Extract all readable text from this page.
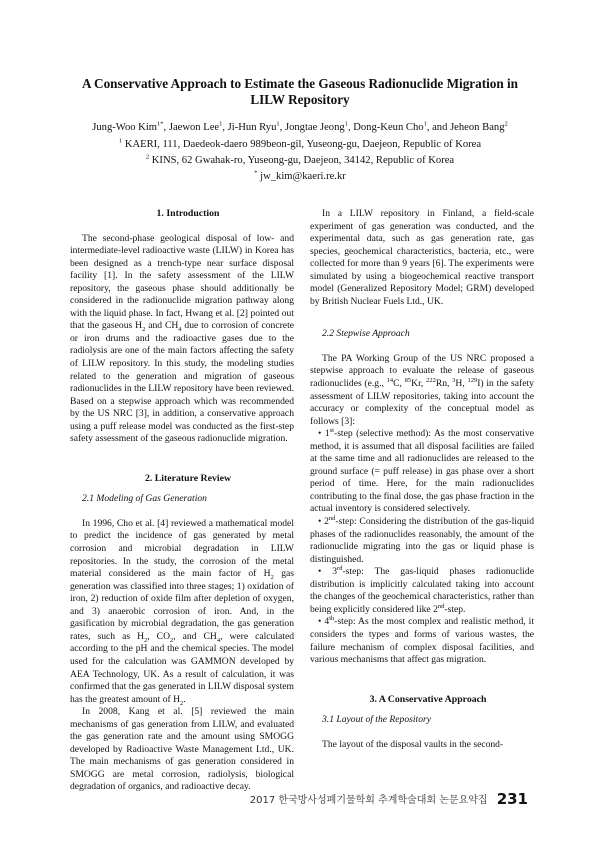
A Conservative Approach to Estimate the Gaseous Radionuclide Migration in
LILW Repository
Jung-Woo Kim$^{1*}$, Jaewon Lee$^1$, Ji-Hun Ryu$^1$, Jongtae Jeong$^1$, Dong-Keun Cho$^1$, and Jeheon Bang$^2$
$^1$ KAERI, 111, Daedeok-daero 989beon-gil, Yuseong-gu, Daejeon, Republic of Korea
$^2$ KINS, 62 Gwahak-ro, Yuseong-gu, Daejeon, 34142, Republic of Korea
* jw_kim@kaeri.re.kr

1. Introduction

The second-phase geological disposal of low- and intermediate-level radioactive waste (LILW) in Korea has been designed as a trench-type near surface disposal facility [1]. In the safety assessment of the LILW repository, the gaseous phase should additionally be considered in the radionuclide migration pathway along with the liquid phase. In fact, Hwang et al. [2] pointed out that the gaseous $H_2$ and $CH_4$ due to corrosion of concrete or iron drums and the radioactive gases due to the radiolysis are one of the main factors affecting the safety of LILW repository. In this study, the modeling studies related to the generation and migration of gaseous radionuclides in the LILW repository have been reviewed. Based on a stepwise approach which was recommended by the US NRC [3], in addition, a conservative approach using a puff release model was conducted as the first-step safety assessment of the gaseous radionuclide migration.

2. Literature Review

2.1 Modeling of Gas Generation

In 1996, Cho et al. [4] reviewed a mathematical model to predict the incidence of gas generated by metal corrosion and microbial degradation in LILW repositories. In the study, the corrosion of the metal material considered as the main factor of $H_2$ gas generation was classified into three stages; 1) oxidation of iron, 2) reduction of oxide film after depletion of oxygen, and 3) anaerobic corrosion of iron. And, in the gasification by microbial degradation, the gas generation rates, such as $H_2$, $CO_2$, and $CH_4$, were calculated according to the pH and the chemical species. The model used for the calculation was GAMMON developed by AEA Technology, UK. As a result of calculation, it was confirmed that the gas generated in LILW disposal system has the greatest amount of $H_2$.

In 2008, Kang et al. [5] reviewed the main mechanisms of gas generation from LILW, and evaluated the gas generation rate and the amount using SMOGG developed by Radioactive Waste Management Ltd., UK. The main mechanisms of gas generation considered in SMOGG are metal corrosion, radiolysis, biological degradation of organics, and radioactive decay.

In a LILW repository in Finland, a field-scale experiment of gas generation was conducted, and the experimental data, such as gas generation rate, gas species, geochemical characteristics, bacteria, etc., were collected for more than 9 years [6]. The experiments were simulated by using a biogeochemical reactive transport model (Generalized Repository Model; GRM) developed by British Nuclear Fuels Ltd., UK.

2.2 Stepwise Approach

The PA Working Group of the US NRC proposed a stepwise approach to evaluate the release of gaseous radionuclides (e.g., $^{14}$C, $^{85}$Kr, $^{222}$Rn, $^3$H, $^{129}$I) in the safety assessment of LILW repositories, taking into account the accuracy or complexity of the conceptual model as follows [3]:

• 1st-step (selective method): As the most conservative method, it is assumed that all disposal facilities are failed at the same time and all radionuclides are released to the ground surface (= puff release) in gas phase over a short period of time. Here, for the main radionuclides contributing to the final dose, the gas phase fraction in the actual inventory is considered selectively.

• 2nd-step: Considering the distribution of the gas-liquid phases of the radionuclides reasonably, the amount of the radionuclide migrating into the gas or liquid phase is distinguished.

• 3rd-step: The gas-liquid phases radionuclide distribution is implicitly calculated taking into account the changes of the geochemical characteristics, rather than being explicitly considered like 2nd-step.

• 4th-step: As the most complex and realistic method, it considers the types and forms of various wastes, the failure mechanism of complex disposal facilities, and various mechanisms that affect gas migration.

3. A Conservative Approach

3.1 Layout of the Repository

The layout of the disposal vaults in the second-

2017 한국방사성폐기물학회 추계학술대회 논문요약집 231
